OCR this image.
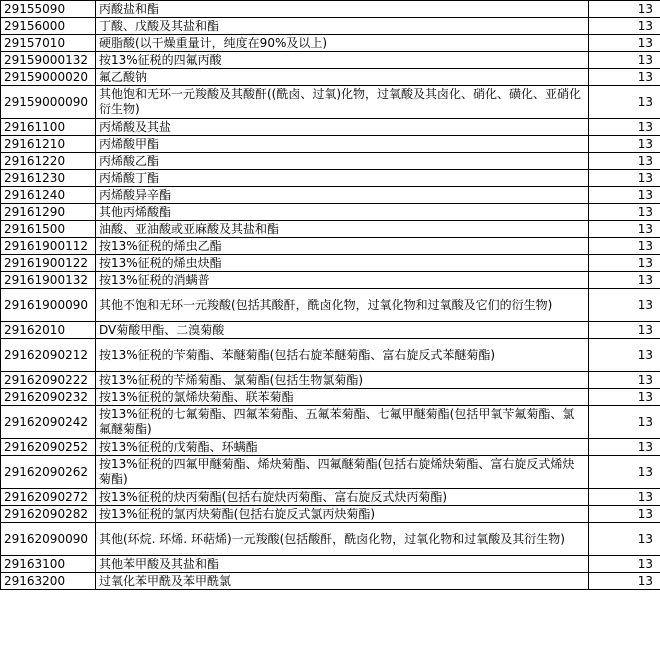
29155090	丙酸盐和酯	13
29156000	丁酸、戊酸及其盐和酯	13
29157010	硬脂酸(以干燥重量计，纯度在90%及以上)	13
29159000132	按13%征税的四氟丙酸	13
29159000020	氟乙酸钠	13
29159000090	其他饱和无环一元羧酸及其酸酐((酰卤、过氧)化物，过氧酸及其卤化、硝化、磺化、亚硝化衍生物)	13
29161100	丙烯酸及其盐	13
29161210	丙烯酸甲酯	13
29161220	丙烯酸乙酯	13
29161230	丙烯酸丁酯	13
29161240	丙烯酸异辛酯	13
29161290	其他丙烯酸酯	13
29161500	油酸、亚油酸或亚麻酸及其盐和酯	13
29161900112	按13%征税的烯虫乙酯	13
29161900122	按13%征税的烯虫炔酯	13
29161900132	按13%征税的消螨普	13
29161900090	其他不饱和无环一元羧酸(包括其酸酐，酰卤化物，过氧化物和过氧酸及它们的衍生物)	13
29162010	DV菊酸甲酯、二溴菊酸	13
29162090212	按13%征税的苄菊酯、苯醚菊酯(包括右旋苯醚菊酯、富右旋反式苯醚菊酯)	13
29162090222	按13%征税的苄烯菊酯、氯菊酯(包括生物氯菊酯)	13
29162090232	按13%征税的氯烯炔菊酯、联苯菊酯	13
29162090242	按13%征税的七氟菊酯、四氟苯菊酯、五氟苯菊酯、七氟甲醚菊酯(包括甲氧苄氟菊酯、氯氟醚菊酯)	13
29162090252	按13%征税的戊菊酯、环螨酯	13
29162090262	按13%征税的四氟甲醚菊酯、烯炔菊酯、四氟醚菊酯(包括右旋烯炔菊酯、富右旋反式烯炔菊酯)	13
29162090272	按13%征税的炔丙菊酯(包括右旋炔丙菊酯、富右旋反式炔丙菊酯)	13
29162090282	按13%征税的氯丙炔菊酯(包括右旋反式氯丙炔菊酯)	13
29162090090	其他(环烷. 环烯. 环萜烯)一元羧酸(包括酸酐，酰卤化物，过氧化物和过氧酸及其衍生物)	13
29163100	其他苯甲酸及其盐和酯	13
29163200	过氧化苯甲酰及苯甲酰氯	13
